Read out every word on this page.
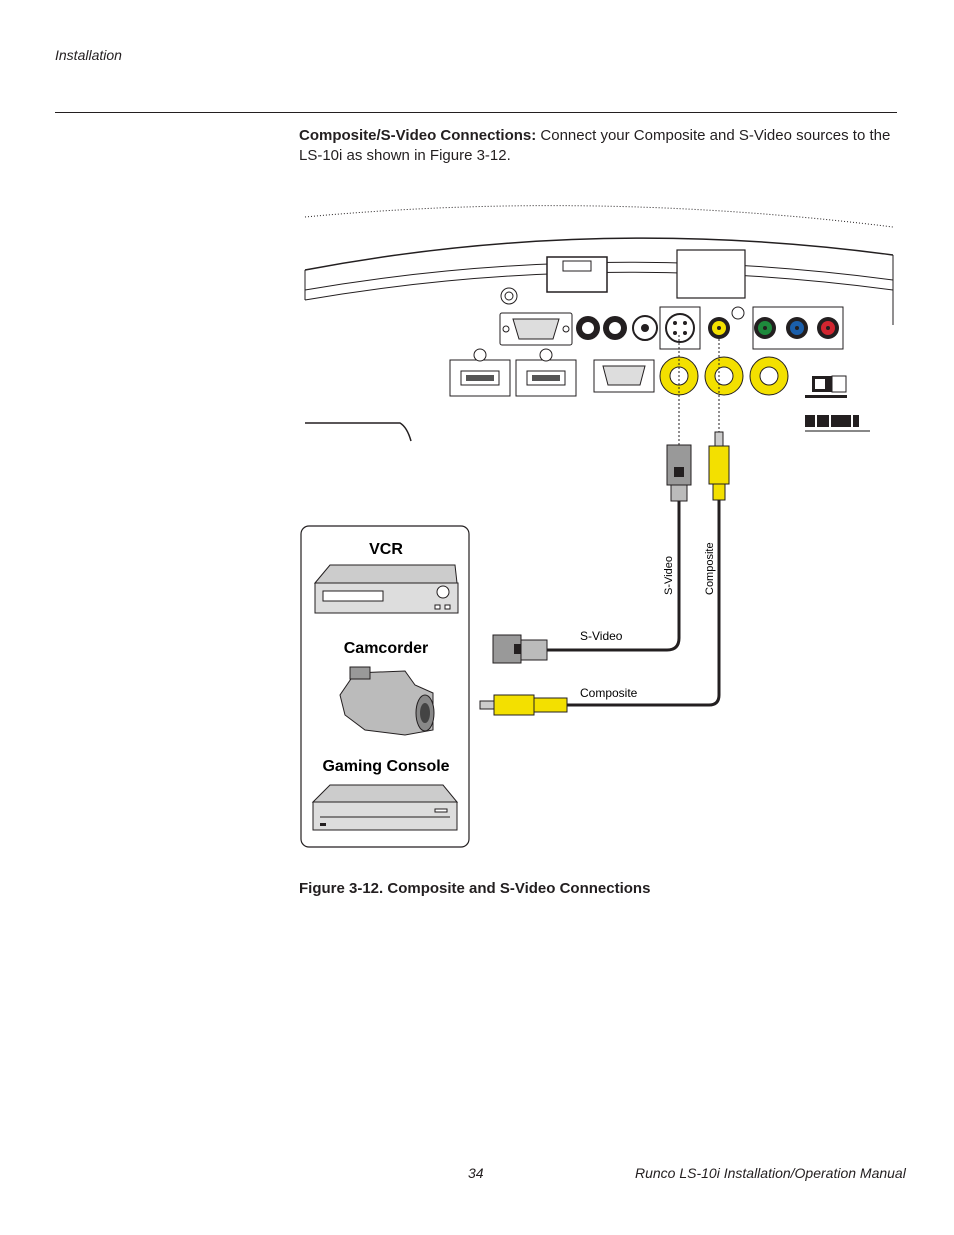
Installation
Composite/S-Video Connections: Connect your Composite and S-Video sources to the LS-10i as shown in Figure 3-12.
S-Video	Composite
S-Video
Composite
VCR
Camcorder
Gaming Console
Figure 3-12. Composite and S-Video Connections
34	Runco LS-10i Installation/Operation Manual
